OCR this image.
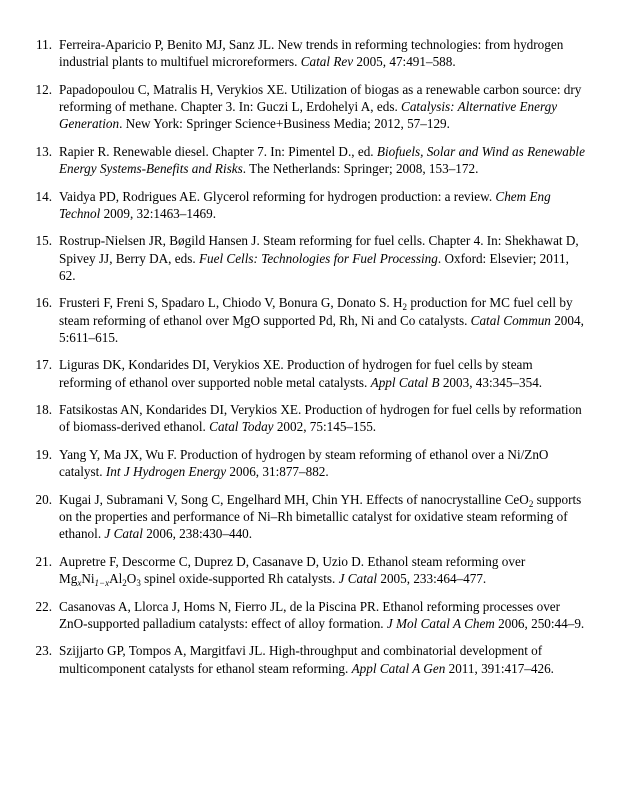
11. Ferreira-Aparicio P, Benito MJ, Sanz JL. New trends in reforming technologies: from hydrogen industrial plants to multifuel microreformers. Catal Rev 2005, 47:491–588.
12. Papadopoulou C, Matralis H, Verykios XE. Utilization of biogas as a renewable carbon source: dry reforming of methane. Chapter 3. In: Guczi L, Erdohelyi A, eds. Catalysis: Alternative Energy Generation. New York: Springer Science+Business Media; 2012, 57–129.
13. Rapier R. Renewable diesel. Chapter 7. In: Pimentel D., ed. Biofuels, Solar and Wind as Renewable Energy Systems-Benefits and Risks. The Netherlands: Springer; 2008, 153–172.
14. Vaidya PD, Rodrigues AE. Glycerol reforming for hydrogen production: a review. Chem Eng Technol 2009, 32:1463–1469.
15. Rostrup-Nielsen JR, Bøgild Hansen J. Steam reforming for fuel cells. Chapter 4. In: Shekhawat D, Spivey JJ, Berry DA, eds. Fuel Cells: Technologies for Fuel Processing. Oxford: Elsevier; 2011, 62.
16. Frusteri F, Freni S, Spadaro L, Chiodo V, Bonura G, Donato S. $H_2$ production for MC fuel cell by steam reforming of ethanol over MgO supported Pd, Rh, Ni and Co catalysts. Catal Commun 2004, 5:611–615.
17. Liguras DK, Kondarides DI, Verykios XE. Production of hydrogen for fuel cells by steam reforming of ethanol over supported noble metal catalysts. Appl Catal B 2003, 43:345–354.
18. Fatsikostas AN, Kondarides DI, Verykios XE. Production of hydrogen for fuel cells by reformation of biomass-derived ethanol. Catal Today 2002, 75:145–155.
19. Yang Y, Ma JX, Wu F. Production of hydrogen by steam reforming of ethanol over a Ni/ZnO catalyst. Int J Hydrogen Energy 2006, 31:877–882.
20. Kugai J, Subramani V, Song C, Engelhard MH, Chin YH. Effects of nanocrystalline CeO$_2$ supports on the properties and performance of Ni–Rh bimetallic catalyst for oxidative steam reforming of ethanol. J Catal 2006, 238:430–440.
21. Aupretre F, Descorme C, Duprez D, Casanave D, Uzio D. Ethanol steam reforming over $Mg_xNi_{1-x}Al_2O_3$ spinel oxide-supported Rh catalysts. J Catal 2005, 233:464–477.
22. Casanovas A, Llorca J, Homs N, Fierro JL, de la Piscina PR. Ethanol reforming processes over ZnO-supported palladium catalysts: effect of alloy formation. J Mol Catal A Chem 2006, 250:44–9.
23. Szijjarto GP, Tompos A, Margitfavi JL. High-throughput and combinatorial development of multicomponent catalysts for ethanol steam reforming. Appl Catal A Gen 2011, 391:417–426.
